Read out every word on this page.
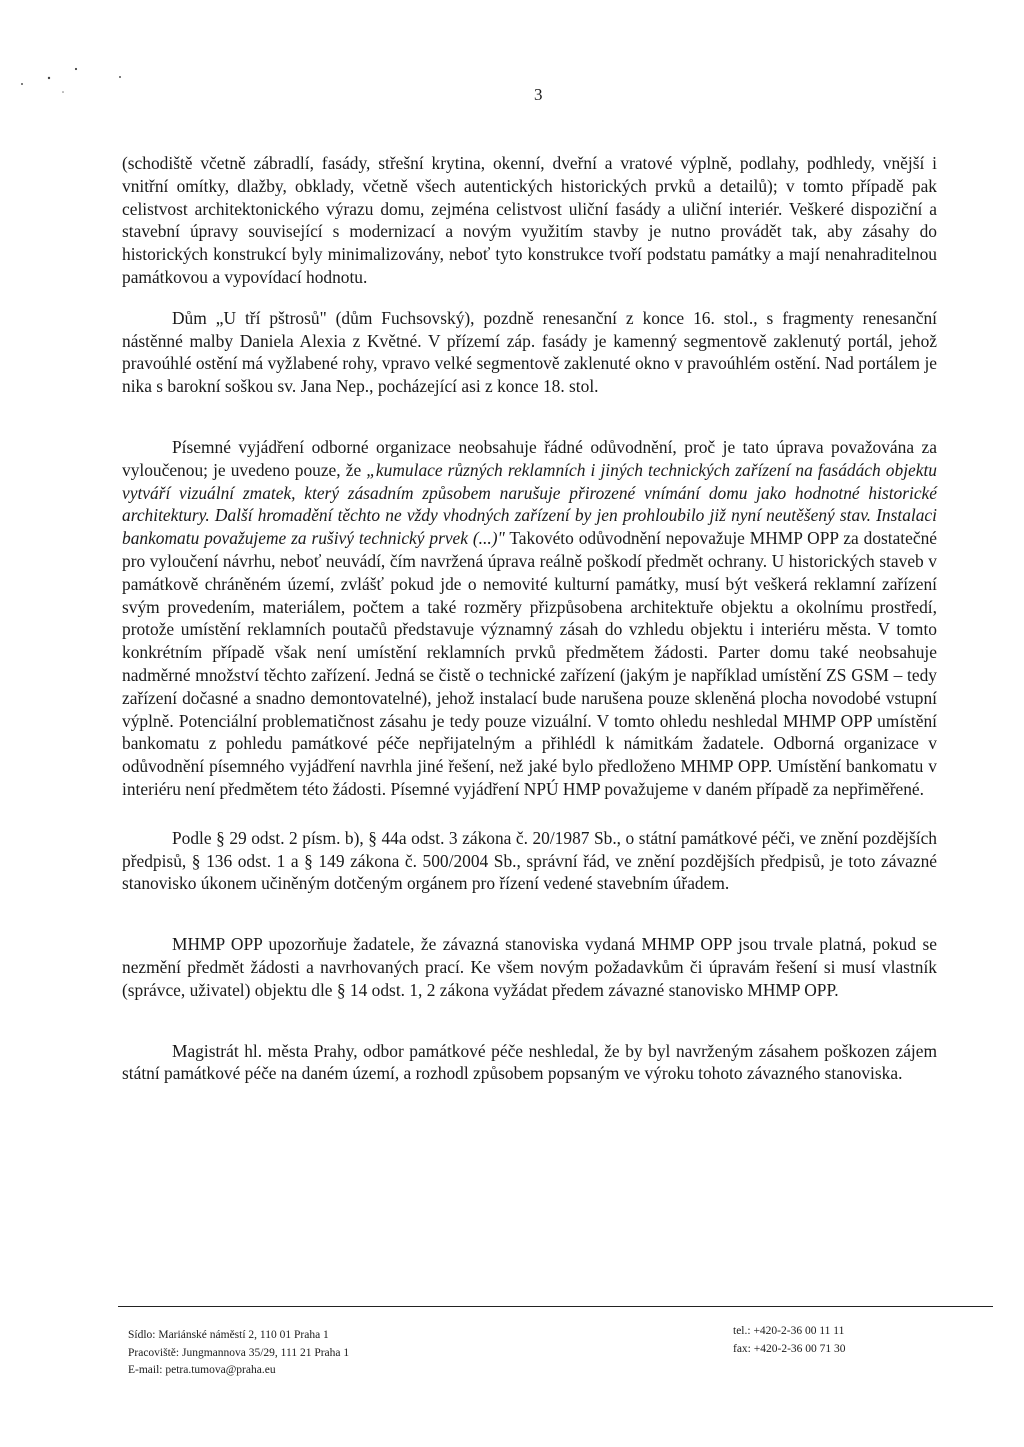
3

(schodiště včetně zábradlí, fasády, střešní krytina, okenní, dveřní a vratové výplně, podlahy, podhledy, vnější i vnitřní omítky, dlažby, obklady, včetně všech autentických historických prvků a detailů); v tomto případě pak celistvost architektonického výrazu domu, zejména celistvost uliční fasády a uliční interiér. Veškeré dispoziční a stavební úpravy související s modernizací a novým využitím stavby je nutno provádět tak, aby zásahy do historických konstrukcí byly minimalizovány, neboť tyto konstrukce tvoří podstatu památky a mají nenahraditelnou památkovou a vypovídací hodnotu.

Dům „U tří pštrosů" (dům Fuchsovský), pozdně renesanční z konce 16. stol., s fragmenty renesanční nástěnné malby Daniela Alexia z Květné. V přízemí záp. fasády je kamenný segmentově zaklenutý portál, jehož pravoúhlé ostění má vyžlabené rohy, vpravo velké segmentově zaklenuté okno v pravoúhlém ostění. Nad portálem je nika s barokní soškou sv. Jana Nep., pocházející asi z konce 18. stol.

Písemné vyjádření odborné organizace neobsahuje řádné odůvodnění, proč je tato úprava považována za vyloučenou; je uvedeno pouze, že „kumulace různých reklamních i jiných technických zařízení na fasádách objektu vytváří vizuální zmatek, který zásadním způsobem narušuje přirozené vnímání domu jako hodnotné historické architektury. Další hromadění těchto ne vždy vhodných zařízení by jen prohloubilo již nyní neutěšený stav. Instalaci bankomatu považujeme za rušivý technický prvek (...)" Takovéto odůvodnění nepovažuje MHMP OPP za dostatečné pro vyloučení návrhu, neboť neuvádí, čím navržená úprava reálně poškodí předmět ochrany. U historických staveb v památkově chráněném území, zvlášť pokud jde o nemovité kulturní památky, musí být veškerá reklamní zařízení svým provedením, materiálem, počtem a také rozměry přizpůsobena architektuře objektu a okolnímu prostředí, protože umístění reklamních poutačů představuje významný zásah do vzhledu objektu i interiéru města. V tomto konkrétním případě však není umístění reklamních prvků předmětem žádosti. Parter domu také neobsahuje nadměrné množství těchto zařízení. Jedná se čistě o technické zařízení (jakým je například umístění ZS GSM – tedy zařízení dočasné a snadno demontovatelné), jehož instalací bude narušena pouze skleněná plocha novodobé vstupní výplně. Potenciální problematičnost zásahu je tedy pouze vizuální. V tomto ohledu neshledal MHMP OPP umístění bankomatu z pohledu památkové péče nepřijatelným a přihlédl k námitkám žadatele. Odborná organizace v odůvodnění písemného vyjádření navrhla jiné řešení, než jaké bylo předloženo MHMP OPP. Umístění bankomatu v interiéru není předmětem této žádosti. Písemné vyjádření NPÚ HMP považujeme v daném případě za nepřiměřené.

Podle § 29 odst. 2 písm. b), § 44a odst. 3 zákona č. 20/1987 Sb., o státní památkové péči, ve znění pozdějších předpisů, § 136 odst. 1 a § 149 zákona č. 500/2004 Sb., správní řád, ve znění pozdějších předpisů, je toto závazné stanovisko úkonem učiněným dotčeným orgánem pro řízení vedené stavebním úřadem.

MHMP OPP upozorňuje žadatele, že závazná stanoviska vydaná MHMP OPP jsou trvale platná, pokud se nezmění předmět žádosti a navrhovaných prací. Ke všem novým požadavkům či úpravám řešení si musí vlastník (správce, uživatel) objektu dle § 14 odst. 1, 2 zákona vyžádat předem závazné stanovisko MHMP OPP.

Magistrát hl. města Prahy, odbor památkové péče neshledal, že by byl navrženým zásahem poškozen zájem státní památkové péče na daném území, a rozhodl způsobem popsaným ve výroku tohoto závazného stanoviska.

Sídlo: Mariánské náměstí 2, 110 01 Praha 1
Pracoviště: Jungmannova 35/29, 111 21 Praha 1
E-mail: petra.tumova@praha.eu
tel.: +420-2-36 00 11 11
fax: +420-2-36 00 71 30
